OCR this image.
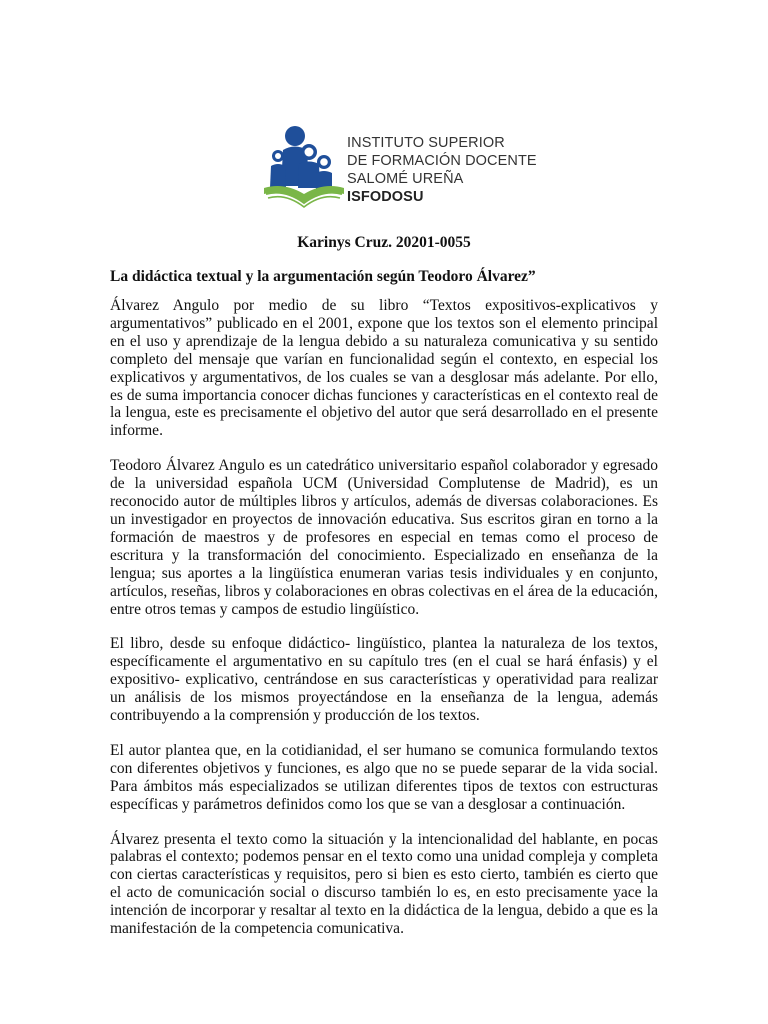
INSTITUTO SUPERIOR
DE FORMACIÓN DOCENTE
SALOMÉ UREÑA
ISFODOSU
Karinys Cruz. 20201-0055
La didáctica textual y la argumentación según Teodoro Álvarez”

Álvarez Angulo por medio de su libro “Textos expositivos-explicativos y argumentativos” publicado en el 2001, expone que los textos son el elemento principal en el uso y aprendizaje de la lengua debido a su naturaleza comunicativa y su sentido completo del mensaje que varían en funcionalidad según el contexto, en especial los explicativos y argumentativos, de los cuales se van a desglosar más adelante. Por ello, es de suma importancia conocer dichas funciones y características en el contexto real de la lengua, este es precisamente el objetivo del autor que será desarrollado en el presente informe.

Teodoro Álvarez Angulo es un catedrático universitario español colaborador y egresado de la universidad española UCM (Universidad Complutense de Madrid), es un reconocido autor de múltiples libros y artículos, además de diversas colaboraciones. Es un investigador en proyectos de innovación educativa. Sus escritos giran en torno a la formación de maestros y de profesores en especial en temas como el proceso de escritura y la transformación del conocimiento. Especializado en enseñanza de la lengua; sus aportes a la lingüística enumeran varias tesis individuales y en conjunto, artículos, reseñas, libros y colaboraciones en obras colectivas en el área de la educación, entre otros temas y campos de estudio lingüístico.

El libro, desde su enfoque didáctico- lingüístico, plantea la naturaleza de los textos, específicamente el argumentativo en su capítulo tres (en el cual se hará énfasis) y el expositivo- explicativo, centrándose en sus características y operatividad para realizar un análisis de los mismos proyectándose en la enseñanza de la lengua, además contribuyendo a la comprensión y producción de los textos.

El autor plantea que, en la cotidianidad, el ser humano se comunica formulando textos con diferentes objetivos y funciones, es algo que no se puede separar de la vida social. Para ámbitos más especializados se utilizan diferentes tipos de textos con estructuras específicas y parámetros definidos como los que se van a desglosar a continuación.

Álvarez presenta el texto como la situación y la intencionalidad del hablante, en pocas palabras el contexto; podemos pensar en el texto como una unidad compleja y completa con ciertas características y requisitos, pero si bien es esto cierto, también es cierto que el acto de comunicación social o discurso también lo es, en esto precisamente yace la intención de incorporar y resaltar al texto en la didáctica de la lengua, debido a que es la manifestación de la competencia comunicativa.
